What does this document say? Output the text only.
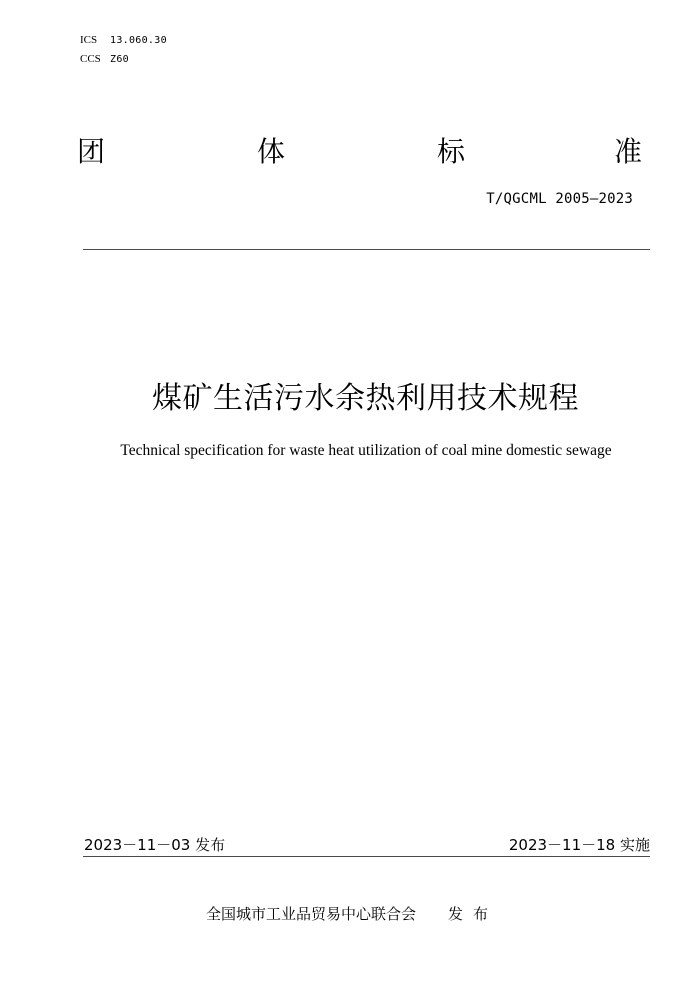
ICS 13.060.30
CCS Z60
团	体	标	准
T/QGCML 2005—2023
煤矿生活污水余热利用技术规程
Technical specification for waste heat utilization of coal mine domestic sewage
2023－11－03 发布	2023－11－18 实施
全国城市工业品贸易中心联合会 发布
